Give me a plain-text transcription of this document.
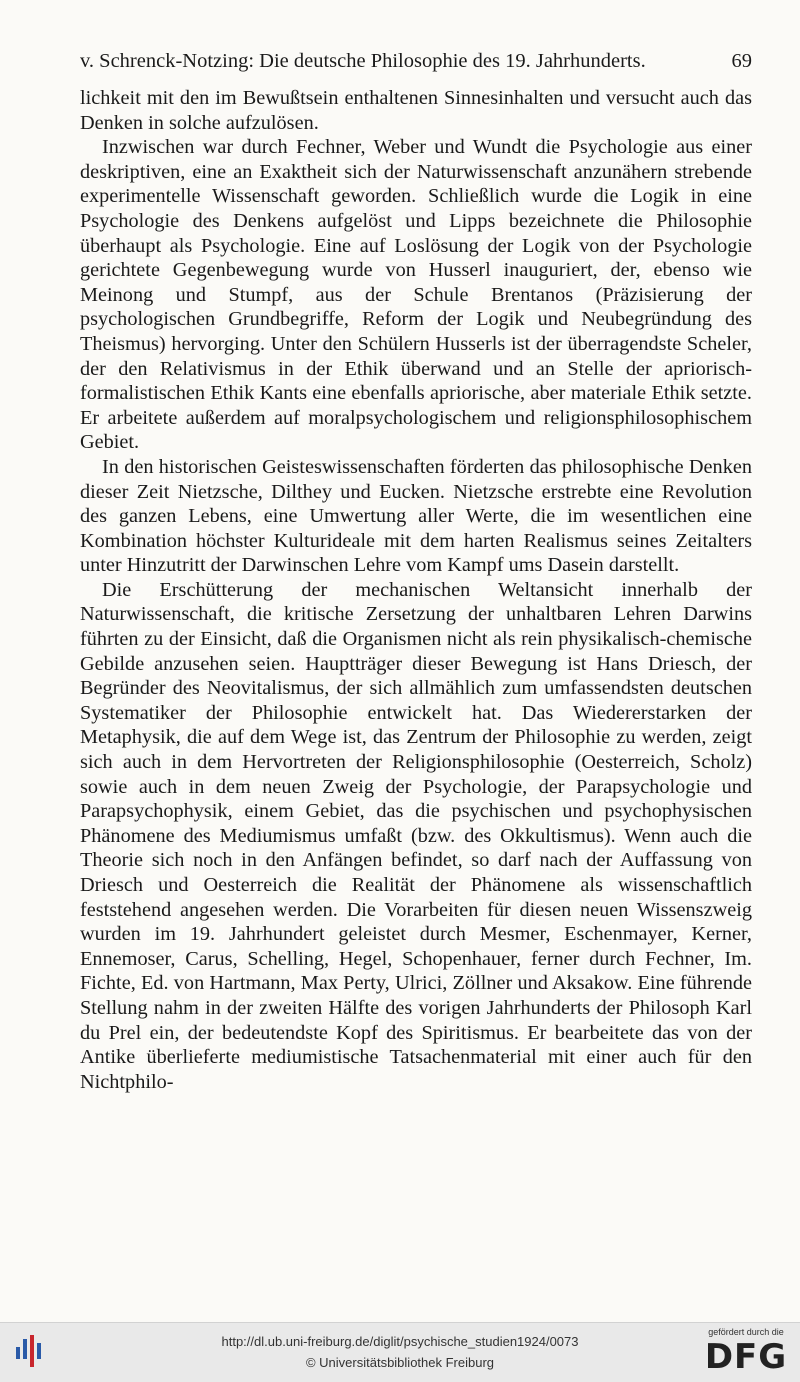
v. Schrenck-Notzing: Die deutsche Philosophie des 19. Jahrhunderts.	69

lichkeit mit den im Bewußtsein enthaltenen Sinnesinhalten und versucht auch das Denken in solche aufzulösen.

Inzwischen war durch Fechner, Weber und Wundt die Psychologie aus einer deskriptiven, eine an Exaktheit sich der Naturwissenschaft anzunähern strebende experimentelle Wissenschaft geworden. Schließlich wurde die Logik in eine Psychologie des Denkens aufgelöst und Lipps bezeichnete die Philosophie überhaupt als Psychologie. Eine auf Loslösung der Logik von der Psychologie gerichtete Gegenbewegung wurde von Husserl inauguriert, der, ebenso wie Meinong und Stumpf, aus der Schule Brentanos (Präzisierung der psychologischen Grundbegriffe, Reform der Logik und Neubegründung des Theismus) hervorging. Unter den Schülern Husserls ist der überragendste Scheler, der den Relativismus in der Ethik überwand und an Stelle der apriorisch-formalistischen Ethik Kants eine ebenfalls apriorische, aber materiale Ethik setzte. Er arbeitete außerdem auf moralpsychologischem und religionsphilosophischem Gebiet.

In den historischen Geisteswissenschaften förderten das philosophische Denken dieser Zeit Nietzsche, Dilthey und Eucken. Nietzsche erstrebte eine Revolution des ganzen Lebens, eine Umwertung aller Werte, die im wesentlichen eine Kombination höchster Kulturideale mit dem harten Realismus seines Zeitalters unter Hinzutritt der Darwinschen Lehre vom Kampf ums Dasein darstellt.

Die Erschütterung der mechanischen Weltansicht innerhalb der Naturwissenschaft, die kritische Zersetzung der unhaltbaren Lehren Darwins führten zu der Einsicht, daß die Organismen nicht als rein physikalisch-chemische Gebilde anzusehen seien. Hauptträger dieser Bewegung ist Hans Driesch, der Begründer des Neovitalismus, der sich allmählich zum umfassendsten deutschen Systematiker der Philosophie entwickelt hat. Das Wiedererstarken der Metaphysik, die auf dem Wege ist, das Zentrum der Philosophie zu werden, zeigt sich auch in dem Hervortreten der Religionsphilosophie (Oesterreich, Scholz) sowie auch in dem neuen Zweig der Psychologie, der Parapsychologie und Parapsychophysik, einem Gebiet, das die psychischen und psychophysischen Phänomene des Mediumismus umfaßt (bzw. des Okkultismus). Wenn auch die Theorie sich noch in den Anfängen befindet, so darf nach der Auffassung von Driesch und Oesterreich die Realität der Phänomene als wissenschaftlich feststehend angesehen werden. Die Vorarbeiten für diesen neuen Wissenszweig wurden im 19. Jahrhundert geleistet durch Mesmer, Eschenmayer, Kerner, Ennemoser, Carus, Schelling, Hegel, Schopenhauer, ferner durch Fechner, Im. Fichte, Ed. von Hartmann, Max Perty, Ulrici, Zöllner und Aksakow. Eine führende Stellung nahm in der zweiten Hälfte des vorigen Jahrhunderts der Philosoph Karl du Prel ein, der bedeutendste Kopf des Spiritismus. Er bearbeitete das von der Antike überlieferte mediumistische Tatsachenmaterial mit einer auch für den Nichtphilo-

http://dl.ub.uni-freiburg.de/diglit/psychische_studien1924/0073
© Universitätsbibliothek Freiburg
gefördert durch die
DFG
